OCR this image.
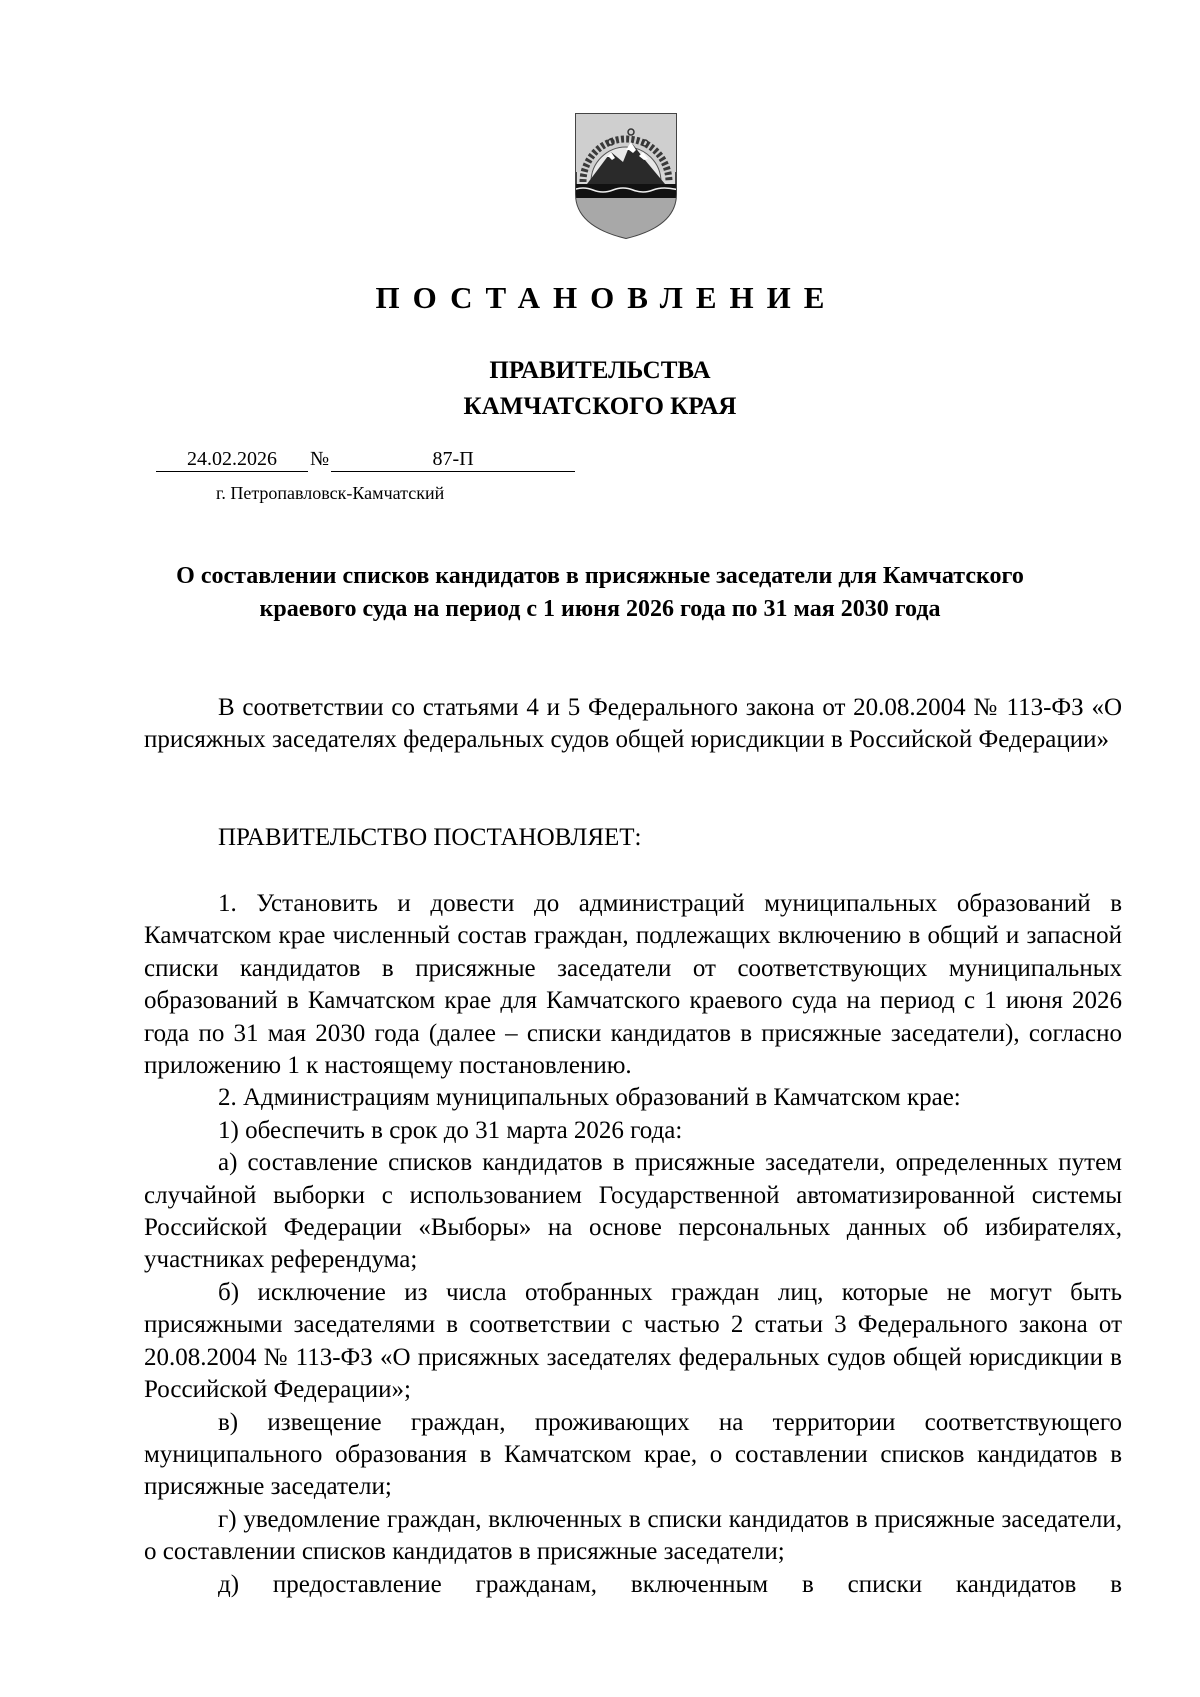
ПОСТАНОВЛЕНИЕ
ПРАВИТЕЛЬСТВА
КАМЧАТСКОГО КРАЯ
24.02.2026 №	87-П
г. Петропавловск-Камчатский
О составлении списков кандидатов в присяжные заседатели для Камчатского краевого суда на период с 1 июня 2026 года по 31 мая 2030 года

В соответствии со статьями 4 и 5 Федерального закона от 20.08.2004 № 113-ФЗ «О присяжных заседателях федеральных судов общей юрисдикции в Российской Федерации»

ПРАВИТЕЛЬСТВО ПОСТАНОВЛЯЕТ:

1. Установить и довести до администраций муниципальных образований в Камчатском крае численный состав граждан, подлежащих включению в общий и запасной списки кандидатов в присяжные заседатели от соответствующих муниципальных образований в Камчатском крае для Камчатского краевого суда на период с 1 июня 2026 года по 31 мая 2030 года (далее – списки кандидатов в присяжные заседатели), согласно приложению 1 к настоящему постановлению.

2. Администрациям муниципальных образований в Камчатском крае:

1) обеспечить в срок до 31 марта 2026 года:

а) составление списков кандидатов в присяжные заседатели, определенных путем случайной выборки с использованием Государственной автоматизированной системы Российской Федерации «Выборы» на основе персональных данных об избирателях, участниках референдума;

б) исключение из числа отобранных граждан лиц, которые не могут быть присяжными заседателями в соответствии с частью 2 статьи 3 Федерального закона от 20.08.2004 № 113-ФЗ «О присяжных заседателях федеральных судов общей юрисдикции в Российской Федерации»;

в) извещение граждан, проживающих на территории соответствующего муниципального образования в Камчатском крае, о составлении списков кандидатов в присяжные заседатели;

г) уведомление граждан, включенных в списки кандидатов в присяжные заседатели, о составлении списков кандидатов в присяжные заседатели;

д) предоставление гражданам, включенным в списки кандидатов в
